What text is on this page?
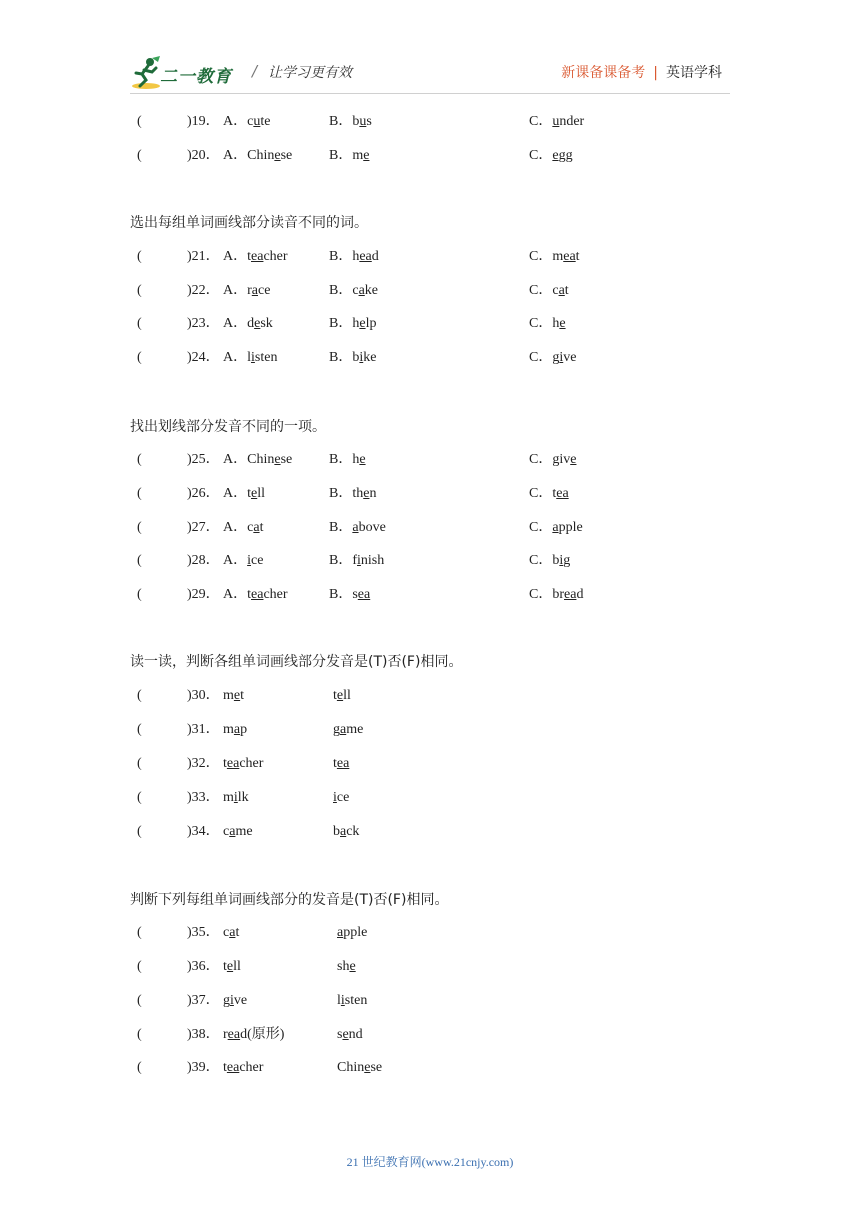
二一教育 / 让学习更有效	新课备课备考 | 英语学科
(	)19． A．cute	B．bus	C．under
(	)20． A．Chinese	B．me	C．egg
选出每组单词画线部分读音不同的词。
(	)21． A．teacher	B．head	C．meat
(	)22． A．race	B．cake	C．cat
(	)23． A．desk	B．help	C．he
(	)24． A．listen	B．bike	C．give
找出划线部分发音不同的一项。
(	)25． A．Chinese	B．he	C．give
(	)26． A．tell	B．then	C．tea
(	)27． A．cat	B．above	C．apple
(	)28． A．ice	B．finish	C．big
(	)29． A．teacher	B．sea	C．bread
读一读，判断各组单词画线部分发音是(T)否(F)相同。
(	)30． met	tell
(	)31． map	game
(	)32． teacher	tea
(	)33． milk	ice
(	)34． came	back
判断下列每组单词画线部分的发音是(T)否(F)相同。
(	)35． cat	apple
(	)36． tell	she
(	)37． give	listen
(	)38． read(原形)	send
(	)39． teacher	Chinese
21 世纪教育网(www.21cnjy.com)
